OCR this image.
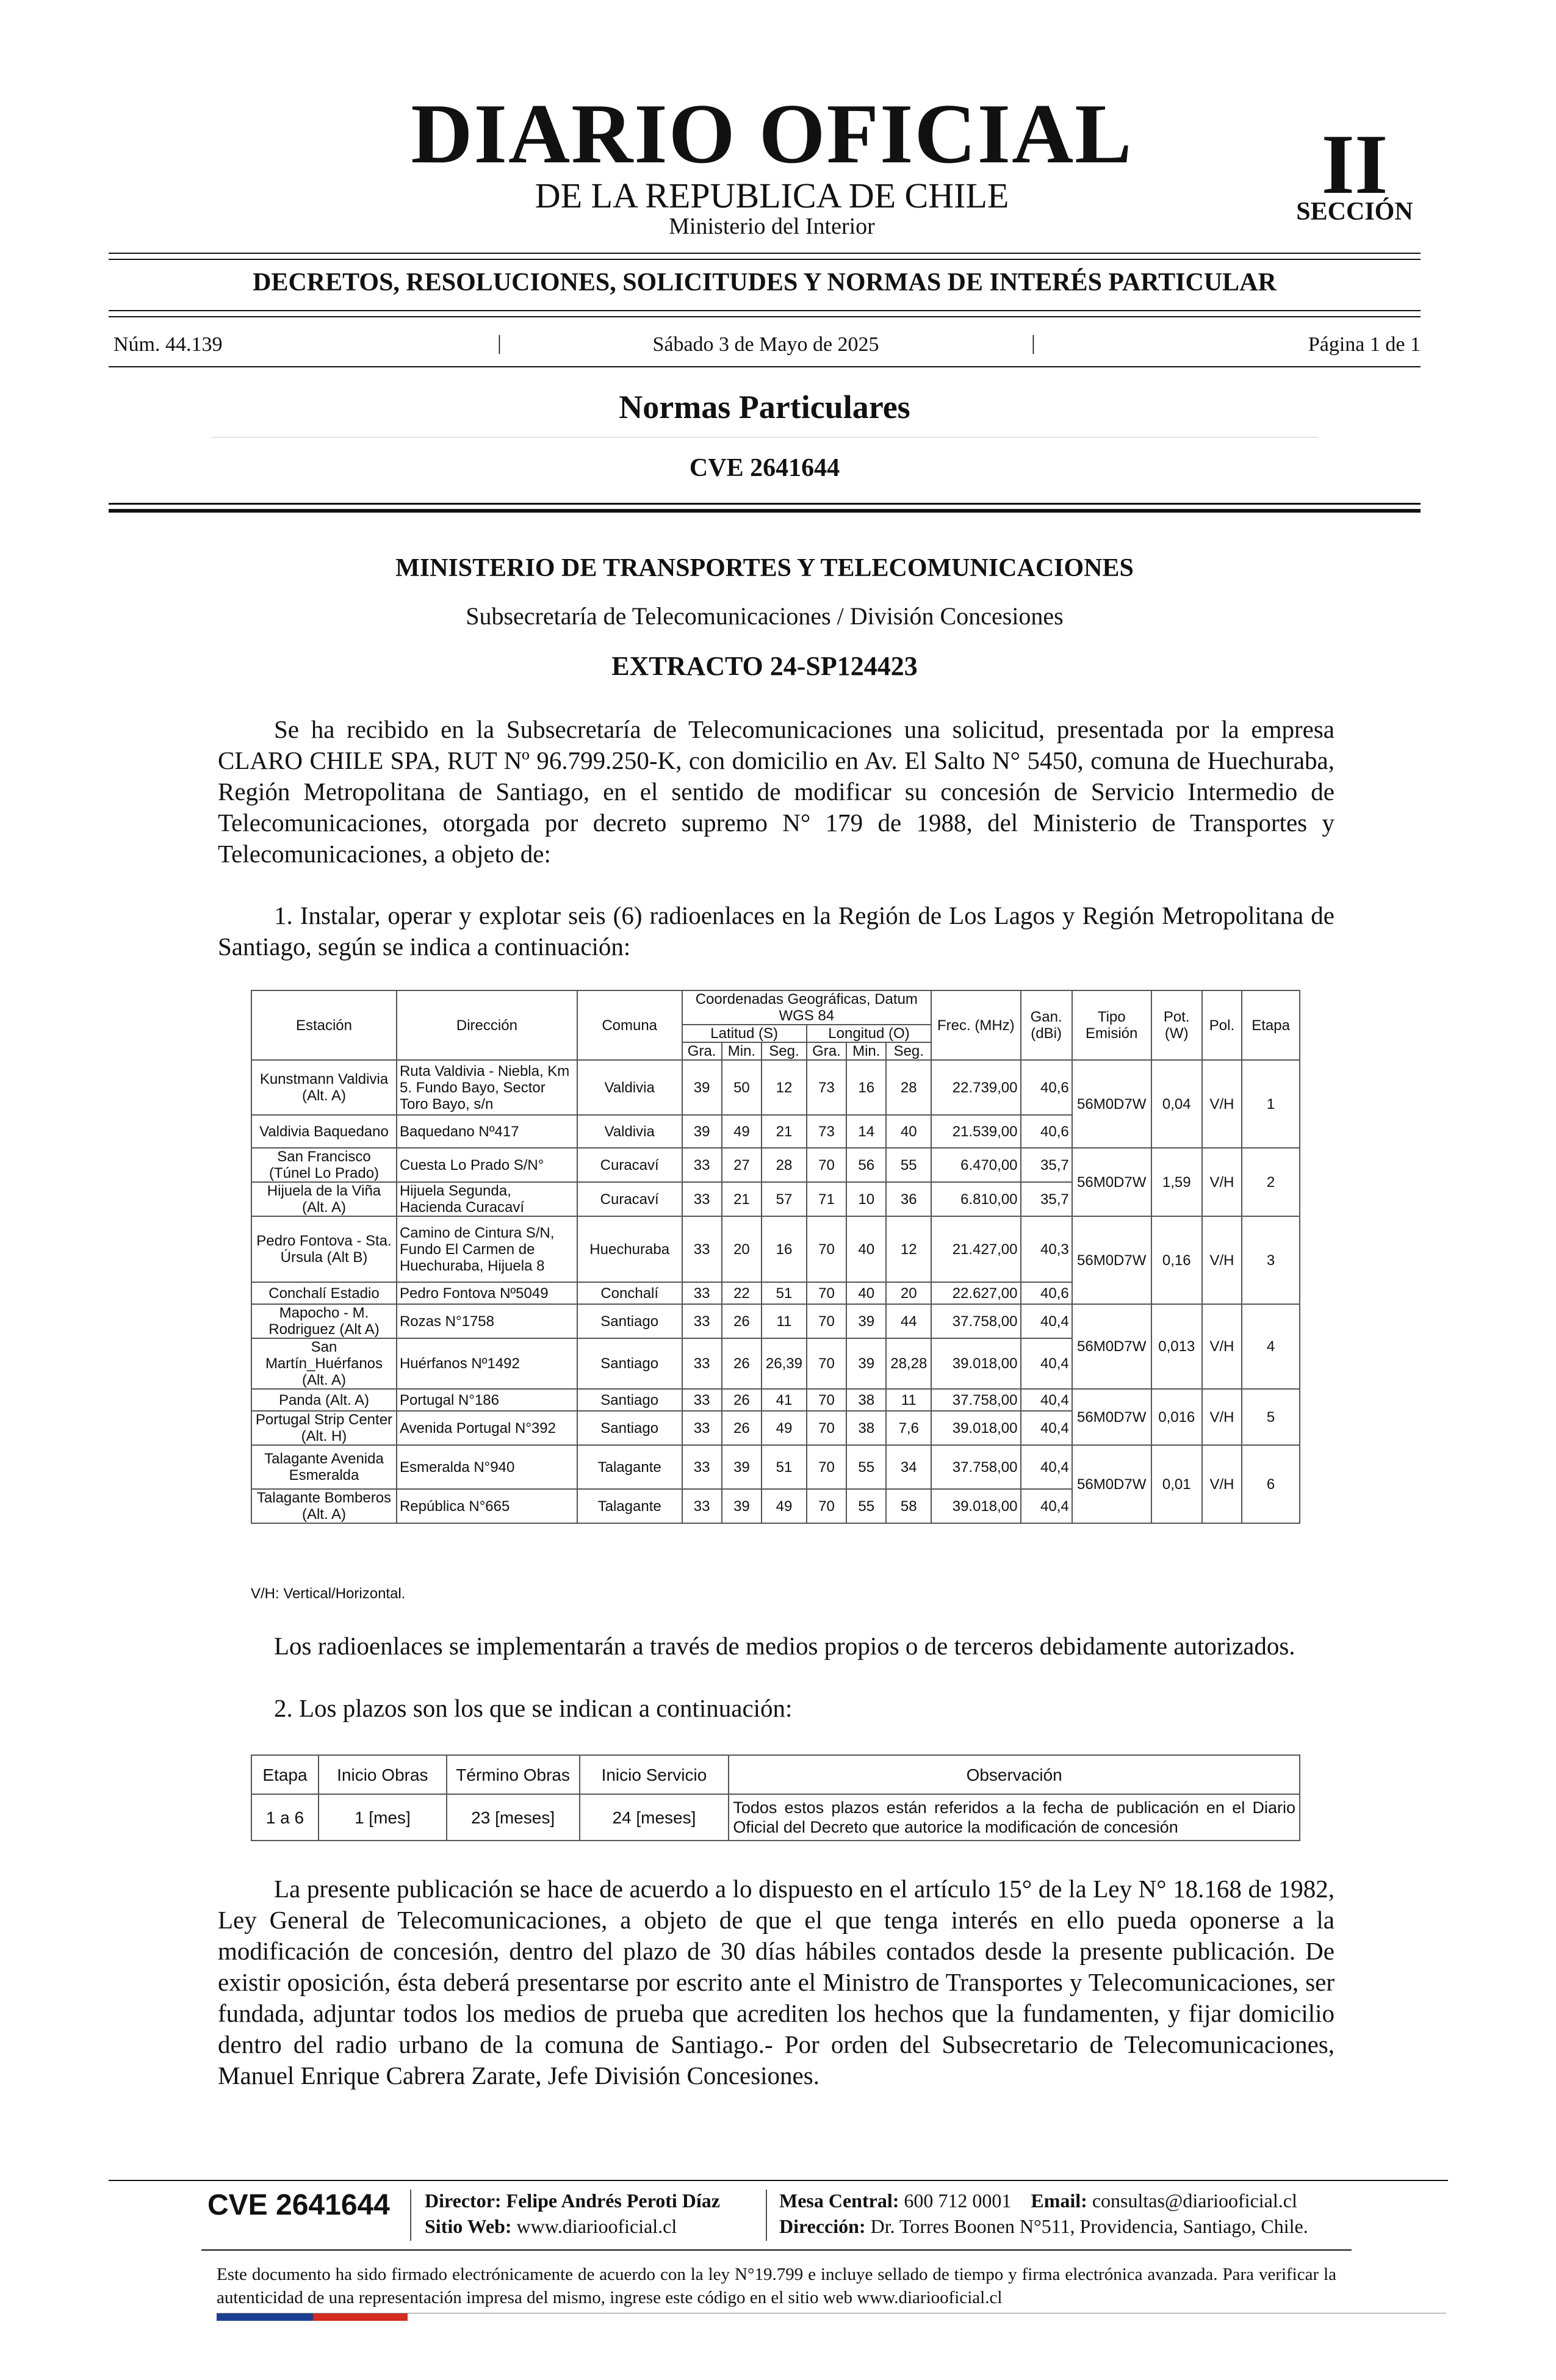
DIARIO OFICIAL
DE LA REPUBLICA DE CHILE
Ministerio del Interior
II
SECCIÓN
DECRETOS, RESOLUCIONES, SOLICITUDES Y NORMAS DE INTERÉS PARTICULAR
Núm. 44.139	|	Sábado 3 de Mayo de 2025	|	Página 1 de 1
Normas Particulares
CVE 2641644
MINISTERIO DE TRANSPORTES Y TELECOMUNICACIONES
Subsecretaría de Telecomunicaciones / División Concesiones
EXTRACTO 24-SP124423
Se ha recibido en la Subsecretaría de Telecomunicaciones una solicitud, presentada por la empresa CLARO CHILE SPA, RUT Nº 96.799.250-K, con domicilio en Av. El Salto N° 5450, comuna de Huechuraba, Región Metropolitana de Santiago, en el sentido de modificar su concesión de Servicio Intermedio de Telecomunicaciones, otorgada por decreto supremo N° 179 de 1988, del Ministerio de Transportes y Telecomunicaciones, a objeto de:
1. Instalar, operar y explotar seis (6) radioenlaces en la Región de Los Lagos y Región Metropolitana de Santiago, según se indica a continuación:
Estación	Dirección	Comuna	Coordenadas Geográficas, Datum WGS 84						Frec. (MHz)	Gan. (dBi)	Tipo Emisión	Pot. (W)	Pol.	Etapa
			Latitud (S)			Longitud (O)								
			Gra.	Min.	Seg.	Gra.	Min.	Seg.						
Kunstmann Valdivia (Alt. A)	Ruta Valdivia - Niebla, Km 5. Fundo Bayo, Sector Toro Bayo, s/n	Valdivia	39	50	12	73	16	28	22.739,00	40,6	56M0D7W	0,04	V/H	1
Valdivia Baquedano	Baquedano Nº417	Valdivia	39	49	21	73	14	40	21.539,00	40,6				
San Francisco (Túnel Lo Prado)	Cuesta Lo Prado S/N°	Curacaví	33	27	28	70	56	55	6.470,00	35,7	56M0D7W	1,59	V/H	2
Hijuela de la Viña (Alt. A)	Hijuela Segunda, Hacienda Curacaví	Curacaví	33	21	57	71	10	36	6.810,00	35,7				
Pedro Fontova - Sta. Úrsula (Alt B)	Camino de Cintura S/N, Fundo El Carmen de Huechuraba, Hijuela 8	Huechuraba	33	20	16	70	40	12	21.427,00	40,3	56M0D7W	0,16	V/H	3
Conchalí Estadio	Pedro Fontova Nº5049	Conchalí	33	22	51	70	40	20	22.627,00	40,6				
Mapocho - M. Rodriguez (Alt A)	Rozas N°1758	Santiago	33	26	11	70	39	44	37.758,00	40,4	56M0D7W	0,013	V/H	4
San Martín_Huérfanos (Alt. A)	Huérfanos Nº1492	Santiago	33	26	26,39	70	39	28,28	39.018,00	40,4				
Panda (Alt. A)	Portugal N°186	Santiago	33	26	41	70	38	11	37.758,00	40,4	56M0D7W	0,016	V/H	5
Portugal Strip Center (Alt. H)	Avenida Portugal N°392	Santiago	33	26	49	70	38	7,6	39.018,00	40,4				
Talagante Avenida Esmeralda	Esmeralda N°940	Talagante	33	39	51	70	55	34	37.758,00	40,4	56M0D7W	0,01	V/H	6
Talagante Bomberos (Alt. A)	República N°665	Talagante	33	39	49	70	55	58	39.018,00	40,4				
V/H: Vertical/Horizontal.
Los radioenlaces se implementarán a través de medios propios o de terceros debidamente autorizados.
2. Los plazos son los que se indican a continuación:
Etapa	Inicio Obras	Término Obras	Inicio Servicio	Observación
1 a 6	1 [mes]	23 [meses]	24 [meses]	Todos estos plazos están referidos a la fecha de publicación en el Diario Oficial del Decreto que autorice la modificación de concesión
La presente publicación se hace de acuerdo a lo dispuesto en el artículo 15° de la Ley N° 18.168 de 1982, Ley General de Telecomunicaciones, a objeto de que el que tenga interés en ello pueda oponerse a la modificación de concesión, dentro del plazo de 30 días hábiles contados desde la presente publicación. De existir oposición, ésta deberá presentarse por escrito ante el Ministro de Transportes y Telecomunicaciones, ser fundada, adjuntar todos los medios de prueba que acrediten los hechos que la fundamenten, y fijar domicilio dentro del radio urbano de la comuna de Santiago.- Por orden del Subsecretario de Telecomunicaciones, Manuel Enrique Cabrera Zarate, Jefe División Concesiones.
CVE 2641644 Director: Felipe Andrés Peroti Díaz
Sitio Web: www.diariooficial.cl
Mesa Central: 600 712 0001 Email: consultas@diariooficial.cl
Dirección: Dr. Torres Boonen N°511, Providencia, Santiago, Chile.
Este documento ha sido firmado electrónicamente de acuerdo con la ley N°19.799 e incluye sellado de tiempo y firma electrónica avanzada. Para verificar la autenticidad de una representación impresa del mismo, ingrese este código en el sitio web www.diariooficial.cl
